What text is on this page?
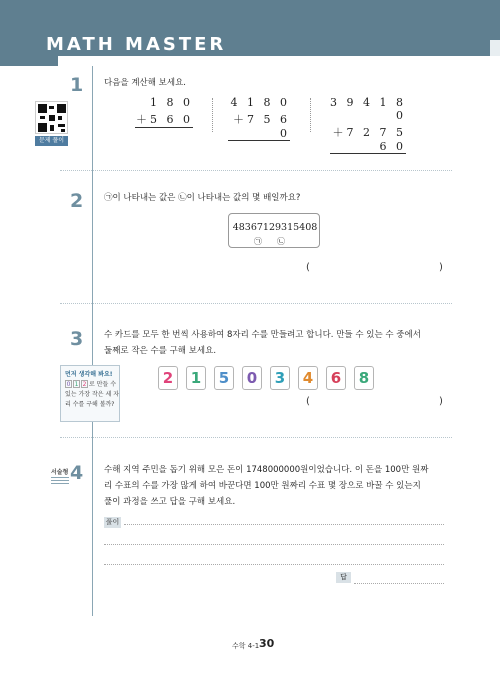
MATH MASTER
1 다음을 계산해 보세요.
문제 풀이
1 8 0
＋5 6 0
4 1 8 0
＋7 5 6 0
3 9 4 1 8 0
＋7 2 7 5 6 0
2 ㉠이 나타내는 값은 ㉡이 나타내는 값의 몇 배일까요?
48367129315408
㉠ ㉡
(	)
3 수 카드를 모두 한 번씩 사용하여 8자리 수를 만들려고 합니다. 만들 수 있는 수 중에서
둘째로 작은 수를 구해 보세요.
먼저 생각해 봐요!
0 1 2 로 만들 수 있는 가장 작은 세 자리 수를 구해 볼까?
2	1	5	0	3	4	6	8
(	)
서술형 4 수해 지역 주민을 돕기 위해 모은 돈이 1748000000원이었습니다. 이 돈을 100만 원짜
리 수표의 수를 가장 많게 하여 바꾼다면 100만 원짜리 수표 몇 장으로 바꿀 수 있는지
풀이 과정을 쓰고 답을 구해 보세요.
풀이
답
수학 4-1 30
